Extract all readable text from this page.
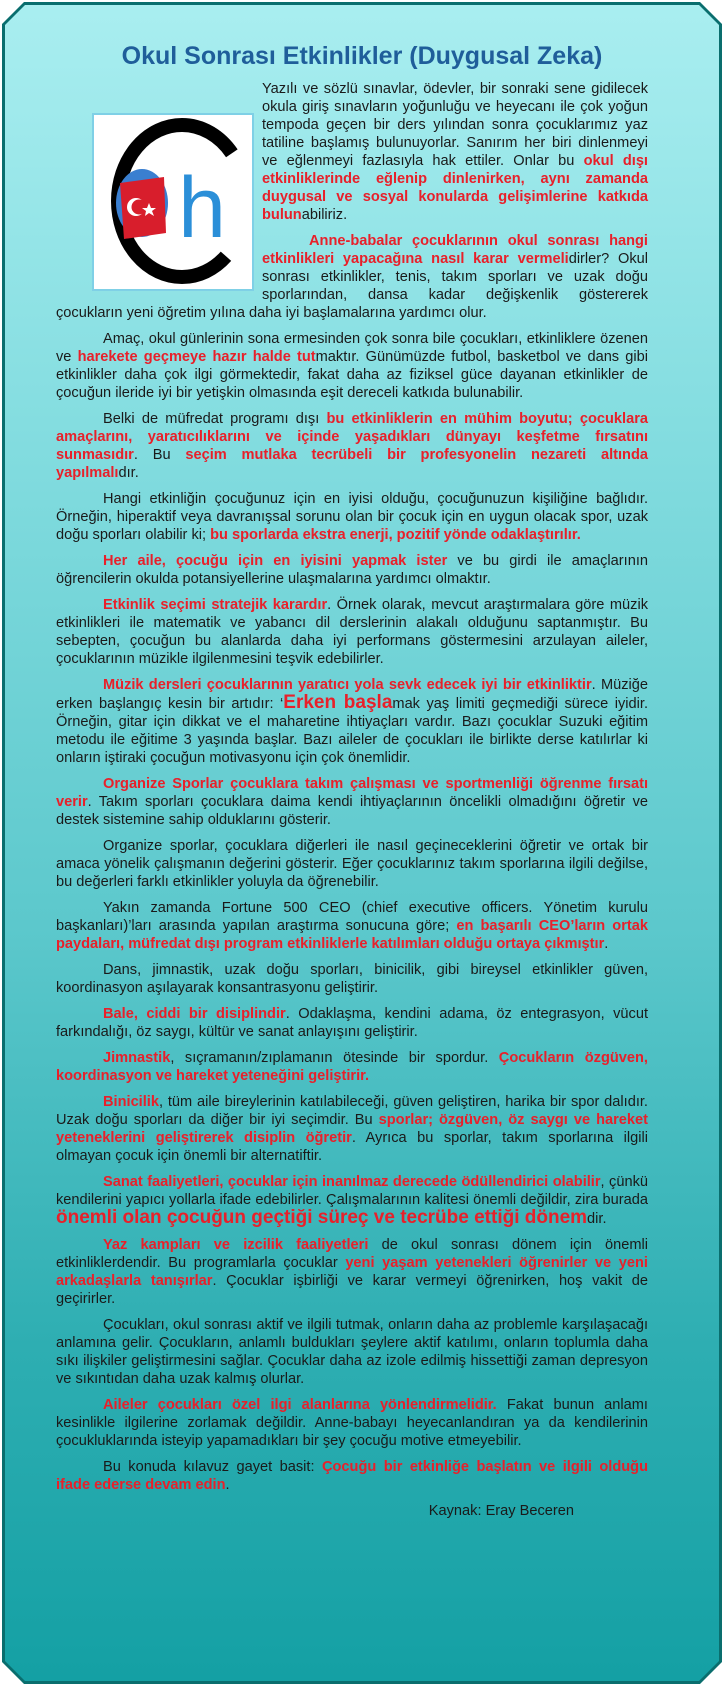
Okul Sonrası Etkinlikler (Duygusal Zeka)

h
Yazılı ve sözlü sınavlar, ödevler, bir sonraki sene gidilecek okula giriş sınavların yoğunluğu ve heyecanı ile çok yoğun tempoda geçen bir ders yılından sonra çocuklarımız yaz tatiline başlamış bulunuyorlar. Sanırım her biri dinlenmeyi ve eğlenmeyi fazlasıyla hak ettiler. Onlar bu okul dışı etkinliklerinde eğlenip dinlenirken, aynı zamanda duygusal ve sosyal konularda gelişimlerine katkıda bulunabiliriz.

Anne-babalar çocuklarının okul sonrası hangi etkinlikleri yapacağına nasıl karar vermelidirler? Okul sonrası etkinlikler, tenis, takım sporları ve uzak doğu sporlarından, dansa kadar değişkenlik göstererek çocukların yeni öğretim yılına daha iyi başlamalarına yardımcı olur.

Amaç, okul günlerinin sona ermesinden çok sonra bile çocukları, etkinliklere özenen ve harekete geçmeye hazır halde tutmaktır. Günümüzde futbol, basketbol ve dans gibi etkinlikler daha çok ilgi görmektedir, fakat daha az fiziksel güce dayanan etkinlikler de çocuğun ileride iyi bir yetişkin olmasında eşit dereceli katkıda bulunabilir.

Belki de müfredat programı dışı bu etkinliklerin en mühim boyutu; çocuklara amaçlarını, yaratıcılıklarını ve içinde yaşadıkları dünyayı keşfetme fırsatını sunmasıdır. Bu seçim mutlaka tecrübeli bir profesyonelin nezareti altında yapılmalıdır.

Hangi etkinliğin çocuğunuz için en iyisi olduğu, çocuğunuzun kişiliğine bağlıdır. Örneğin, hiperaktif veya davranışsal sorunu olan bir çocuk için en uygun olacak spor, uzak doğu sporları olabilir ki; bu sporlarda ekstra enerji, pozitif yönde odaklaştırılır.

Her aile, çocuğu için en iyisini yapmak ister ve bu girdi ile amaçlarının öğrencilerin okulda potansiyellerine ulaşmalarına yardımcı olmaktır.

Etkinlik seçimi stratejik karardır. Örnek olarak, mevcut araştırmalara göre müzik etkinlikleri ile matematik ve yabancı dil derslerinin alakalı olduğunu saptanmıştır. Bu sebepten, çocuğun bu alanlarda daha iyi performans göstermesini arzulayan aileler, çocuklarının müzikle ilgilenmesini teşvik edebilirler.

Müzik dersleri çocuklarının yaratıcı yola sevk edecek iyi bir etkinliktir. Müziğe erken başlangıç kesin bir artıdır: ‘Erken başlamak yaş limiti geçmediği sürece iyidir. Örneğin, gitar için dikkat ve el maharetine ihtiyaçları vardır. Bazı çocuklar Suzuki eğitim metodu ile eğitime 3 yaşında başlar. Bazı aileler de çocukları ile birlikte derse katılırlar ki onların iştiraki çocuğun motivasyonu için çok önemlidir.

Organize Sporlar çocuklara takım çalışması ve sportmenliği öğrenme fırsatı verir. Takım sporları çocuklara daima kendi ihtiyaçlarının öncelikli olmadığını öğretir ve destek sistemine sahip olduklarını gösterir.

Organize sporlar, çocuklara diğerleri ile nasıl geçineceklerini öğretir ve ortak bir amaca yönelik çalışmanın değerini gösterir. Eğer çocuklarınız takım sporlarına ilgili değilse, bu değerleri farklı etkinlikler yoluyla da öğrenebilir.

Yakın zamanda Fortune 500 CEO (chief executive officers. Yönetim kurulu başkanları)’ları arasında yapılan araştırma sonucuna göre; en başarılı CEO’ların ortak paydaları, müfredat dışı program etkinliklerle katılımları olduğu ortaya çıkmıştır.

Dans, jimnastik, uzak doğu sporları, binicilik, gibi bireysel etkinlikler güven, koordinasyon aşılayarak konsantrasyonu geliştirir.

Bale, ciddi bir disiplindir. Odaklaşma, kendini adama, öz entegrasyon, vücut farkındalığı, öz saygı, kültür ve sanat anlayışını geliştirir.

Jimnastik, sıçramanın/zıplamanın ötesinde bir spordur. Çocukların özgüven, koordinasyon ve hareket yeteneğini geliştirir.

Binicilik, tüm aile bireylerinin katılabileceği, güven geliştiren, harika bir spor dalıdır. Uzak doğu sporları da diğer bir iyi seçimdir. Bu sporlar; özgüven, öz saygı ve hareket yeteneklerini geliştirerek disiplin öğretir. Ayrıca bu sporlar, takım sporlarına ilgili olmayan çocuk için önemli bir alternatiftir.

Sanat faaliyetleri, çocuklar için inanılmaz derecede ödüllendirici olabilir, çünkü kendilerini yapıcı yollarla ifade edebilirler. Çalışmalarının kalitesi önemli değildir, zira burada önemli olan çocuğun geçtiği süreç ve tecrübe ettiği dönemdir.

Yaz kampları ve izcilik faaliyetleri de okul sonrası dönem için önemli etkinliklerdendir. Bu programlarla çocuklar yeni yaşam yetenekleri öğrenirler ve yeni arkadaşlarla tanışırlar. Çocuklar işbirliği ve karar vermeyi öğrenirken, hoş vakit de geçirirler.

Çocukları, okul sonrası aktif ve ilgili tutmak, onların daha az problemle karşılaşacağı anlamına gelir. Çocukların, anlamlı buldukları şeylere aktif katılımı, onların toplumla daha sıkı ilişkiler geliştirmesini sağlar. Çocuklar daha az izole edilmiş hissettiği zaman depresyon ve sıkıntıdan daha uzak kalmış olurlar.

Aileler çocukları özel ilgi alanlarına yönlendirmelidir. Fakat bunun anlamı kesinlikle ilgilerine zorlamak değildir. Anne-babayı heyecanlandıran ya da kendilerinin çocukluklarında isteyip yapamadıkları bir şey çocuğu motive etmeyebilir.

Bu konuda kılavuz gayet basit: Çocuğu bir etkinliğe başlatın ve ilgili olduğu ifade ederse devam edin.

Kaynak: Eray Beceren
